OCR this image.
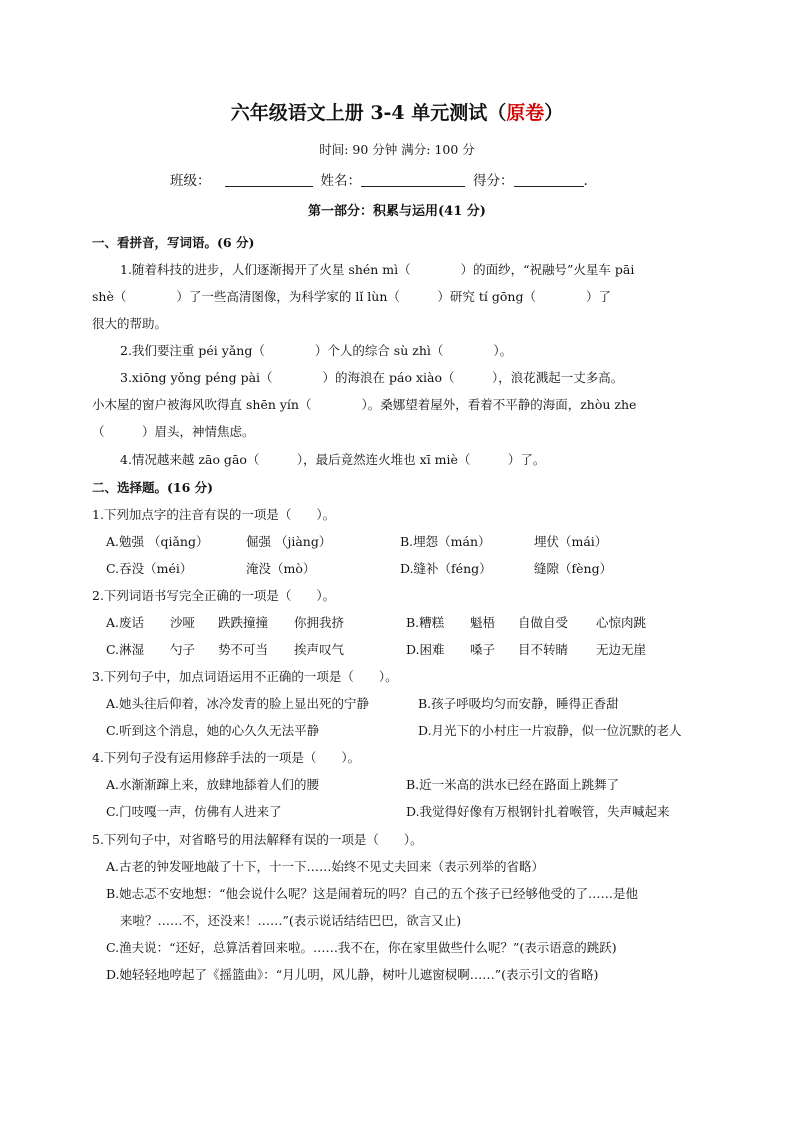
六年级语文上册 3-4 单元测试（原卷）
时间: 90 分钟 满分: 100 分
班级：	姓名：	得分：	.
第一部分：积累与运用(41 分)
一、看拼音，写词语。(6 分)
1.随着科技的进步，人们逐渐揭开了火星 shén mì（　　　　）的面纱，“祝融号”火星车 pāi
shè（　　　　）了一些高清图像，为科学家的 lǐ lùn（　　　）研究 tí gōng（　　　　）了
很大的帮助。
2.我们要注重 péi yǎng（　　　　）个人的综合 sù zhì（　　　　）。
3.xiōng yǒng péng pài（　　　　）的海浪在 páo xiào（　　　），浪花溅起一丈多高。
小木屋的窗户被海风吹得直 shēn yín（　　　　）。桑娜望着屋外，看着不平静的海面，zhòu zhe
（　　　）眉头，神情焦虑。
4.情况越来越 zāo gāo（　　　），最后竟然连火堆也 xī miè（　　　）了。
二、选择题。(16 分)
1.下列加点字的注音有误的一项是（　　）。
A.勉强 （qiǎng）	倔强 （jiàng）	B.埋怨（mán）	埋伏（mái）
C.吞没（méi）	淹没（mò）	D.缝补（féng）	缝隙（fèng）
2.下列词语书写完全正确的一项是（　　）。
A.废话 沙哑 跌跌撞撞 你拥我挤	B.糟糕 魁梧 自做自受 心惊肉跳
C.淋湿 勺子 势不可当 挨声叹气	D.困难 嗓子 目不转睛 无边无崖
3.下列句子中，加点词语运用不正确的一项是（　　）。
A.她头往后仰着，冰冷发青的脸上显出死的宁静	B.孩子呼吸均匀而安静，睡得正香甜
C.听到这个消息，她的心久久无法平静	D.月光下的小村庄一片寂静，似一位沉默的老人
4.下列句子没有运用修辞手法的一项是（　　）。
A.水渐渐蹿上来，放肆地舔着人们的腰	B.近一米高的洪水已经在路面上跳舞了
C.门吱嘎一声，仿佛有人进来了	D.我觉得好像有万根钢针扎着喉管，失声喊起来
5.下列句子中，对省略号的用法解释有误的一项是（　　）。
A.古老的钟发哑地敲了十下，十一下……始终不见丈夫回来（表示列举的省略）
B.她忐忑不安地想：“他会说什么呢？这是闹着玩的吗？自己的五个孩子已经够他受的了……是他
来啦？……不，还没来！……”(表示说话结结巴巴，欲言又止)
C.渔夫说：“还好，总算活着回来啦。……我不在，你在家里做些什么呢？”(表示语意的跳跃)
D.她轻轻地哼起了《摇篮曲》：“月儿明，风儿静，树叶儿遮窗棂啊……”(表示引文的省略)
